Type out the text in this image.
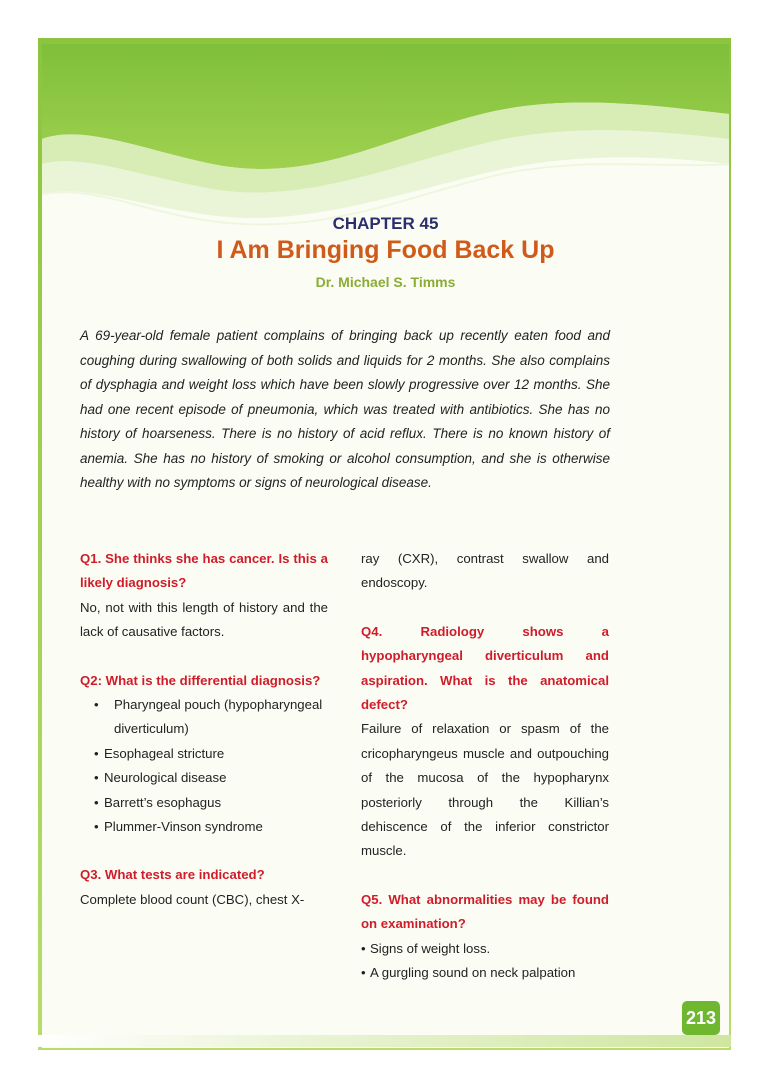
CHAPTER 45
I Am Bringing Food Back Up
Dr. Michael S. Timms
A 69-year-old female patient complains of bringing back up recently eaten food and coughing during swallowing of both solids and liquids for 2 months. She also complains of dysphagia and weight loss which have been slowly progressive over 12 months. She had one recent episode of pneumonia, which was treated with antibiotics. She has no history of hoarseness. There is no history of acid reflux. There is no known history of anemia. She has no history of smoking or alcohol consumption, and she is otherwise healthy with no symptoms or signs of neurological disease.
Q1. She thinks she has cancer. Is this a likely diagnosis?
No, not with this length of history and the lack of causative factors.
Q2: What is the differential diagnosis?
• Pharyngeal pouch (hypopharyngeal diverticulum)
• Esophageal stricture
• Neurological disease
• Barrett’s esophagus
• Plummer-Vinson syndrome
Q3. What tests are indicated?
Complete blood count (CBC), chest X-
ray (CXR), contrast swallow and endoscopy.
Q4. Radiology shows a hypopharyngeal diverticulum and aspiration. What is the anatomical defect?
Failure of relaxation or spasm of the cricopharyngeus muscle and outpouching of the mucosa of the hypopharynx posteriorly through the Killian’s dehiscence of the inferior constrictor muscle.
Q5. What abnormalities may be found on examination?
• Signs of weight loss.
• A gurgling sound on neck palpation
213
